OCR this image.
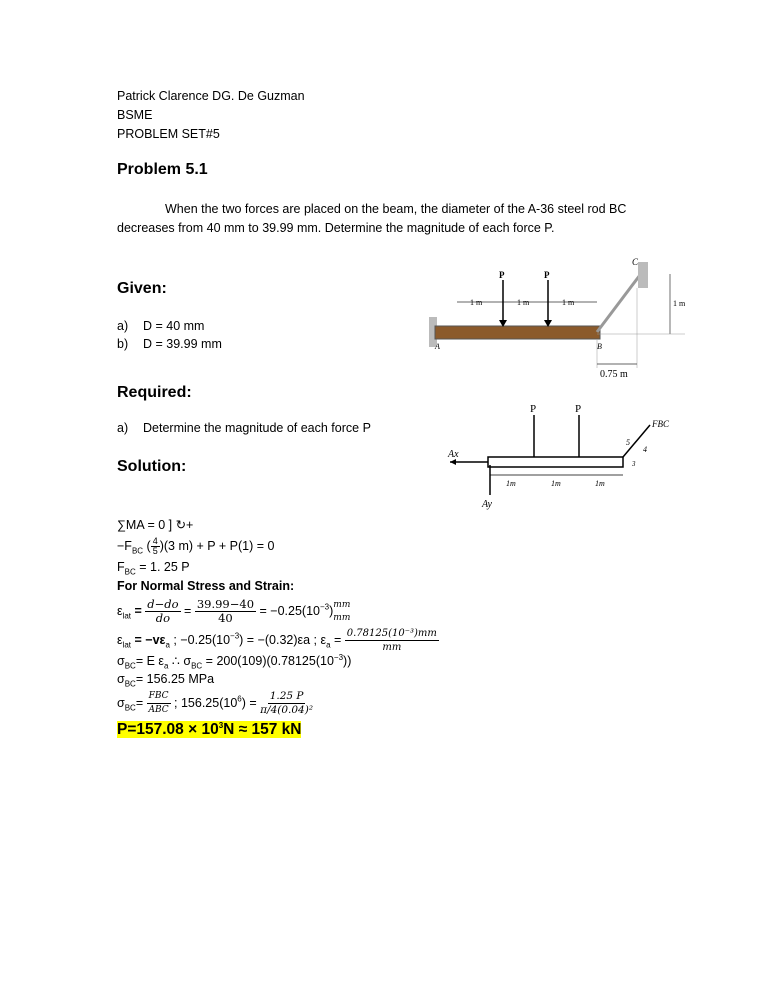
Patrick Clarence DG. De Guzman
BSME
PROBLEM SET#5
Problem 5.1
When the two forces are placed on the beam, the diameter of the A-36 steel rod BC decreases from 40 mm to 39.99 mm. Determine the magnitude of each force P.
Given:
a) D = 40 mm
b) D = 39.99 mm
Required:
a) Determine the magnitude of each force P
Solution:
∑MA = 0 ] ↻+
$-F_{BC}$ ( $\frac{4}{5} )(3$ m) + P + P(1) = 0
$F_{BC} = 1$. 25 P
For Normal Stress and Strain:
$\varepsilon_{lat} = \frac{d-do}{do} = \frac{39.99-40}{40} = -0.25(10^{-3})$ mm
mm
$\varepsilon_{lat} = -v\varepsilon_a$ ; $-0.25(10^{-3}) = -(0.32)\varepsilon a$ ; $\varepsilon_a = \frac{\text{0.78125(10⁻³)mm}}{mm}$
$\sigma_{BC}= E$ $\varepsilon_a$ ∴ $\sigma_{BC} = 200(109)(0.78125(10^{-3}))$
$\sigma_{BC}= 156.25$ MPa
$\sigma_{BC}= \frac{\text{FBC}}{\text{ABC}}$ ; $156.25(10^6) = \frac{1.25 P}{\text{π/4(0.04)²}}$
$P=157.08 \times 10^3N \approx 157$ kN
P	P
1 m	1 m	1 m	1 m
0.75 m
A	B
C
P	P
Ax
Ay
FBC
5
4
3
1m	1m	1m
